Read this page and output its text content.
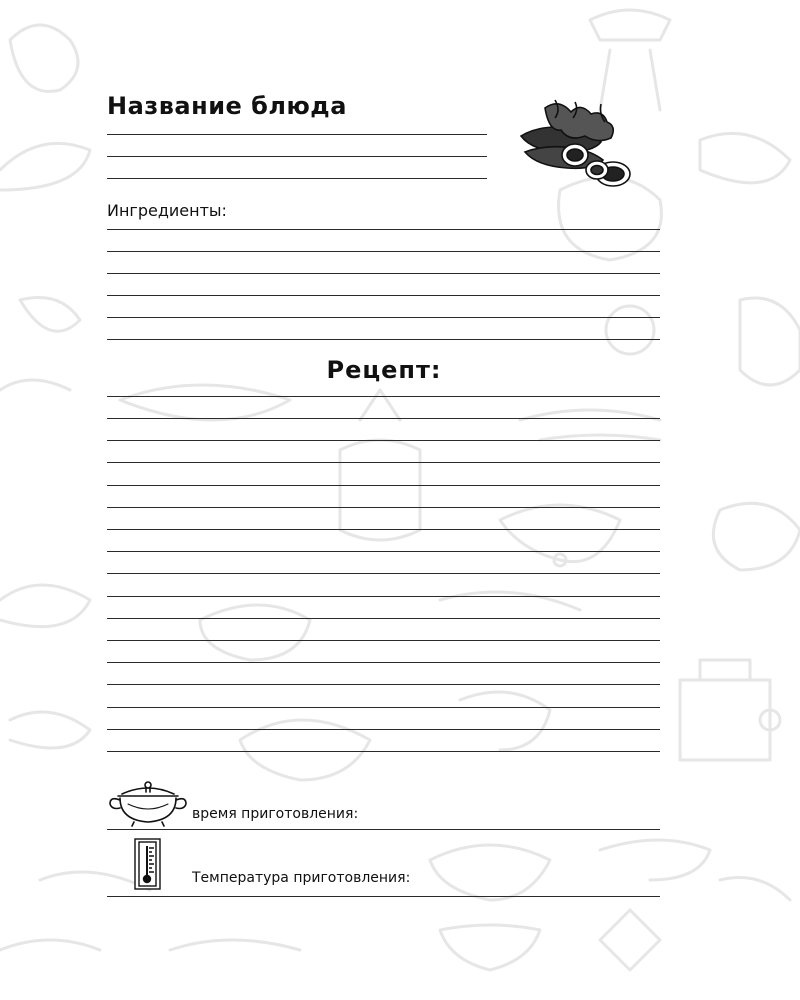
Название блюда
Ингредиенты:
Рецепт:
время приготовления:
Температура приготовления:
